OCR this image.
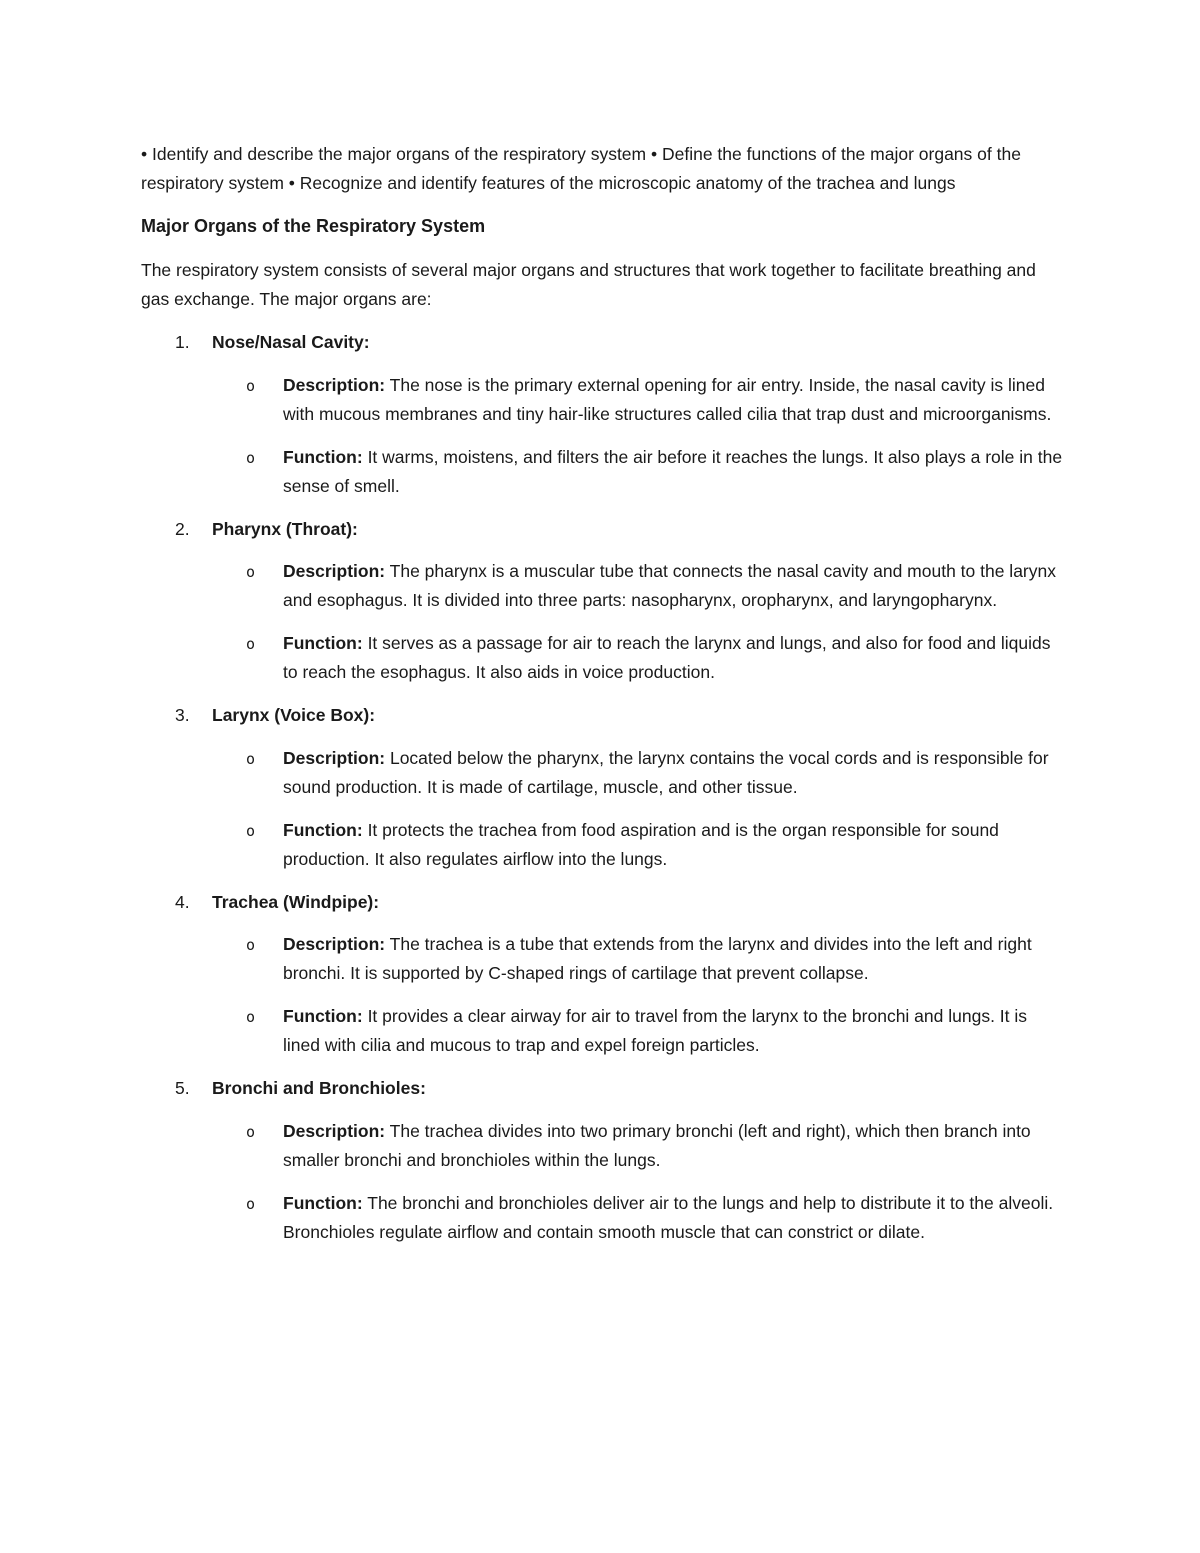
• Identify and describe the major organs of the respiratory system • Define the functions of the major organs of the respiratory system • Recognize and identify features of the microscopic anatomy of the trachea and lungs

Major Organs of the Respiratory System

The respiratory system consists of several major organs and structures that work together to facilitate breathing and gas exchange. The major organs are:

1. Nose/Nasal Cavity:
o Description: The nose is the primary external opening for air entry. Inside, the nasal cavity is lined with mucous membranes and tiny hair-like structures called cilia that trap dust and microorganisms.
o Function: It warms, moistens, and filters the air before it reaches the lungs. It also plays a role in the sense of smell.
2. Pharynx (Throat):
o Description: The pharynx is a muscular tube that connects the nasal cavity and mouth to the larynx and esophagus. It is divided into three parts: nasopharynx, oropharynx, and laryngopharynx.
o Function: It serves as a passage for air to reach the larynx and lungs, and also for food and liquids to reach the esophagus. It also aids in voice production.
3. Larynx (Voice Box):
o Description: Located below the pharynx, the larynx contains the vocal cords and is responsible for sound production. It is made of cartilage, muscle, and other tissue.
o Function: It protects the trachea from food aspiration and is the organ responsible for sound production. It also regulates airflow into the lungs.
4. Trachea (Windpipe):
o Description: The trachea is a tube that extends from the larynx and divides into the left and right bronchi. It is supported by C-shaped rings of cartilage that prevent collapse.
o Function: It provides a clear airway for air to travel from the larynx to the bronchi and lungs. It is lined with cilia and mucous to trap and expel foreign particles.
5. Bronchi and Bronchioles:
o Description: The trachea divides into two primary bronchi (left and right), which then branch into smaller bronchi and bronchioles within the lungs.
o Function: The bronchi and bronchioles deliver air to the lungs and help to distribute it to the alveoli. Bronchioles regulate airflow and contain smooth muscle that can constrict or dilate.
